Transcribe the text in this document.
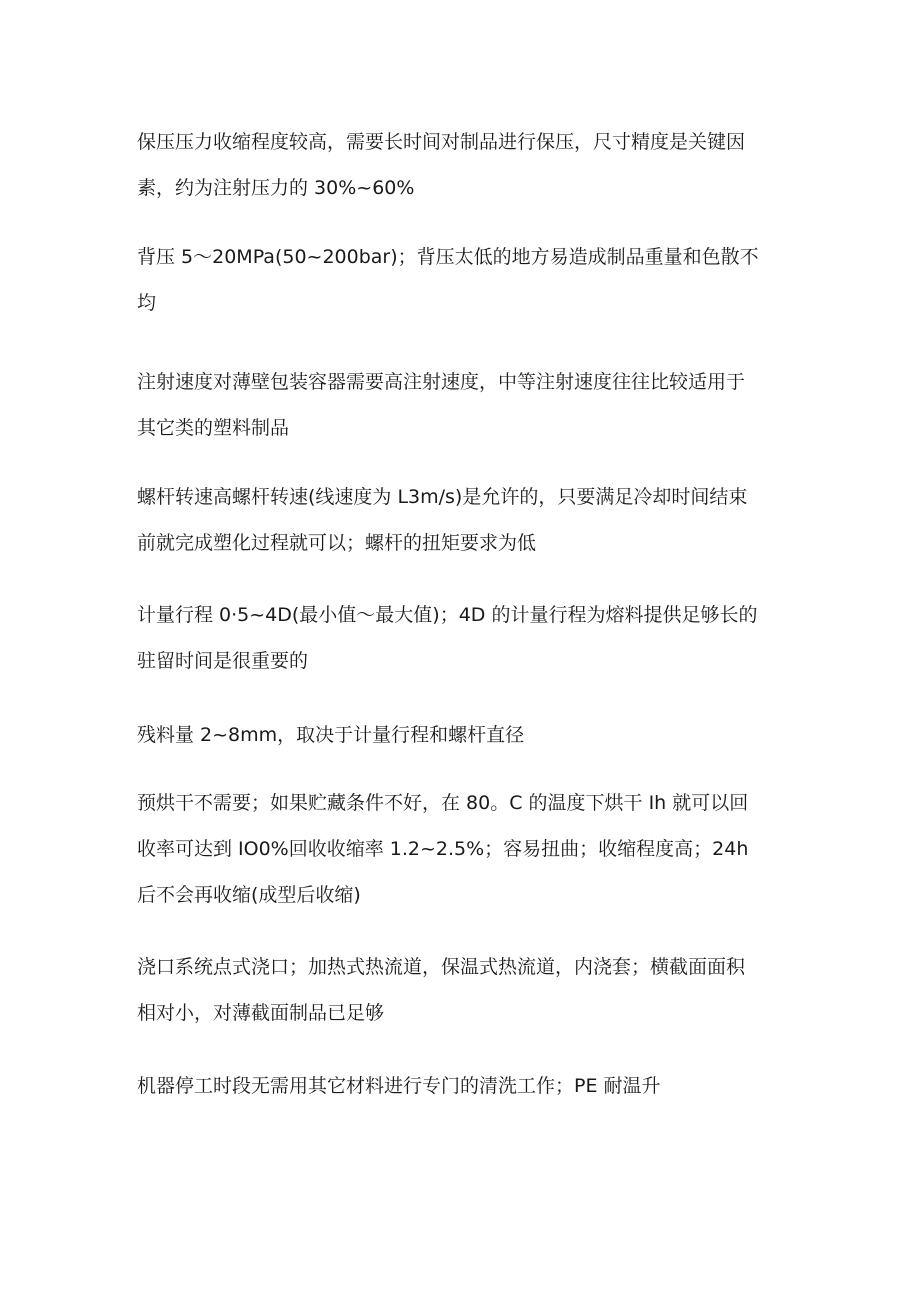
保压压力收缩程度较高，需要长时间对制品进行保压，尺寸精度是关键因
素，约为注射压力的 30%~60%

背压 5～20MPa(50~200bar)；背压太低的地方易造成制品重量和色散不
均

注射速度对薄壁包装容器需要高注射速度，中等注射速度往往比较适用于
其它类的塑料制品

螺杆转速高螺杆转速(线速度为 L3m/s)是允许的，只要满足冷却时间结束
前就完成塑化过程就可以；螺杆的扭矩要求为低

计量行程 0·5~4D(最小值～最大值)；4D 的计量行程为熔料提供足够长的
驻留时间是很重要的

残料量 2~8mm，取决于计量行程和螺杆直径

预烘干不需要；如果贮藏条件不好，在 80。C 的温度下烘干 Ih 就可以回
收率可达到 IO0%回收收缩率 1.2~2.5%；容易扭曲；收缩程度高；24h
后不会再收缩(成型后收缩)

浇口系统点式浇口；加热式热流道，保温式热流道，内浇套；横截面面积
相对小，对薄截面制品已足够

机器停工时段无需用其它材料进行专门的清洗工作；PE 耐温升
